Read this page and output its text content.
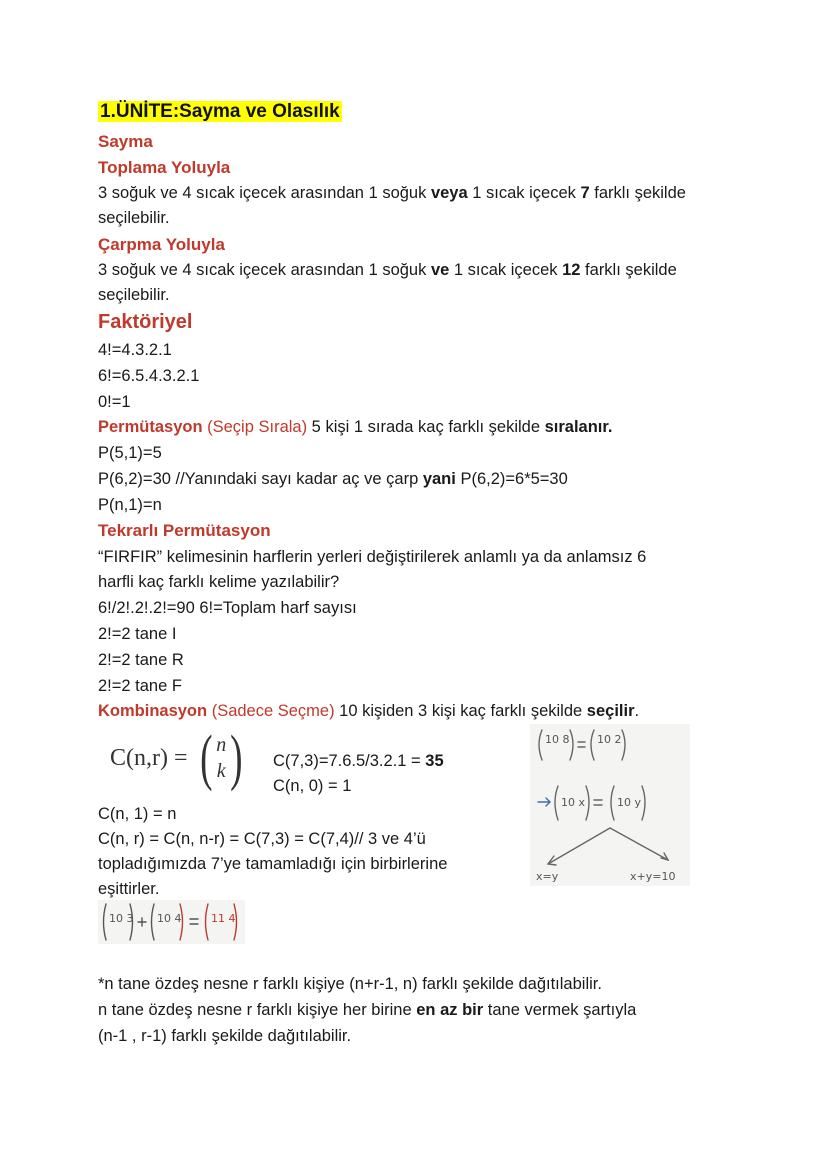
1.ÜNİTE:Sayma ve Olasılık
Sayma
Toplama Yoluyla
3 soğuk ve 4 sıcak içecek arasından 1 soğuk veya 1 sıcak içecek 7 farklı şekilde
seçilebilir.
Çarpma Yoluyla
3 soğuk ve 4 sıcak içecek arasından 1 soğuk ve 1 sıcak içecek 12 farklı şekilde
seçilebilir.
Faktöriyel
4!=4.3.2.1
6!=6.5.4.3.2.1
0!=1
Permütasyon (Seçip Sırala) 5 kişi 1 sırada kaç farklı şekilde sıralanır.
P(5,1)=5
P(6,2)=30 //Yanındaki sayı kadar aç ve çarp yani P(6,2)=6*5=30
P(n,1)=n
Tekrarlı Permütasyon
“FIRFIR” kelimesinin harflerin yerleri değiştirilerek anlamlı ya da anlamsız 6
harfli kaç farklı kelime yazılabilir?
6!/2!.2!.2!=90 6!=Toplam harf sayısı
2!=2 tane I
2!=2 tane R
2!=2 tane F
Kombinasyon (Sadece Seçme) 10 kişiden 3 kişi kaç farklı şekilde seçilir.
C(n,r) = ( n
k ) C(7,3)=7.6.5/3.2.1 = 35
C(n, 0) = 1
C(n, 1) = n
C(n, r) = C(n, n-r) = C(7,3) = C(7,4)// 3 ve 4’ü
topladığımızda 7’ye tamamladığı için birbirlerine
eşittirler.
10 8	10 2
10 x	10 y
x=y	x+y=10
10 3 10 4	11 4
*n tane özdeş nesne r farklı kişiye (n+r-1, n) farklı şekilde dağıtılabilir.
n tane özdeş nesne r farklı kişiye her birine en az bir tane vermek şartıyla
(n-1 , r-1) farklı şekilde dağıtılabilir.
